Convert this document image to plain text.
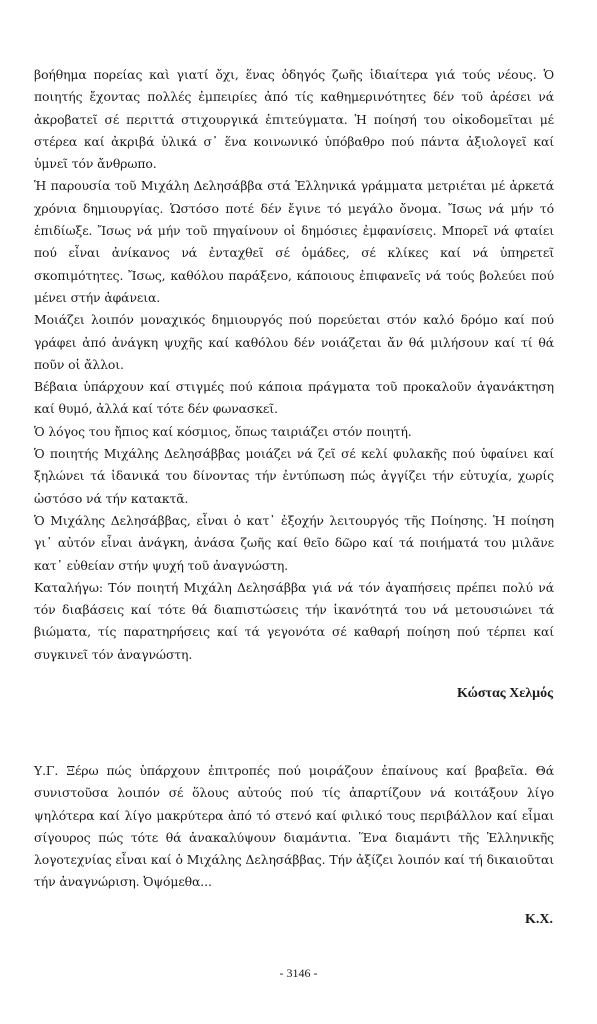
βοήθημα πορείας καὶ γιατί ὄχι, ἕνας ὁδηγός ζωῆς ἰδιαίτερα γιά τούς νέους. Ὁ ποιητής ἔχοντας πολλές ἐμπειρίες ἀπό τίς καθημερινότητες δέν τοῦ ἀρέσει νά ἀκροβατεῖ σέ περιττά στιχουργικά ἐπιτεύγματα. Ἡ ποίησή του οἰκοδομεῖται μέ στέρεα καί ἀκριβά ὑλικά σ᾽ ἕνα κοινωνικό ὑπόβαθρο πού πάντα ἀξιολογεῖ καί ὑμνεῖ τόν ἄνθρωπο.

Ἡ παρουσία τοῦ Μιχάλη Δελησάββα στά Ἑλληνικά γράμματα μετριέται μέ ἀρκετά χρόνια δημιουργίας. Ὡστόσο ποτέ δέν ἔγινε τό μεγάλο ὄνομα. Ἴσως νά μήν τό ἐπιδίωξε. Ἴσως νά μήν τοῦ πηγαίνουν οἱ δημόσιες ἐμφανίσεις. Μπορεῖ νά φταίει πού εἶναι ἀνίκανος νά ἐνταχθεῖ σέ ὁμάδες, σέ κλίκες καί νά ὑπηρετεῖ σκοπιμότητες. Ἴσως, καθόλου παράξενο, κάποιους ἐπιφανεῖς νά τούς βολεύει πού μένει στήν ἀφάνεια.

Μοιάζει λοιπόν μοναχικός δημιουργός πού πορεύεται στόν καλό δρόμο καί πού γράφει ἀπό ἀνάγκη ψυχῆς καί καθόλου δέν νοιάζεται ἄν θά μιλήσουν καί τί θά ποῦν οἱ ἄλλοι.

Βέβαια ὑπάρχουν καί στιγμές πού κάποια πράγματα τοῦ προκαλοῦν ἀγανάκτηση καί θυμό, ἀλλά καί τότε δέν φωνασκεῖ.

Ὁ λόγος του ἤπιος καί κόσμιος, ὅπως ταιριάζει στόν ποιητή.

Ὁ ποιητής Μιχάλης Δελησάββας μοιάζει νά ζεῖ σέ κελί φυλακῆς πού ὑφαίνει καί ξηλώνει τά ἰδανικά του δίνοντας τήν ἐντύπωση πώς ἀγγίζει τήν εὐτυχία, χωρίς ὡστόσο νά τήν κατακτᾶ.

Ὁ Μιχάλης Δελησάββας, εἶναι ὁ κατ᾽ ἐξοχήν λειτουργός τῆς Ποίησης. Ἡ ποίηση γι᾽ αὐτόν εἶναι ἀνάγκη, ἀνάσα ζωῆς καί θεῖο δῶρο καί τά ποιήματά του μιλᾶνε κατ᾽ εὐθείαν στήν ψυχή τοῦ ἀναγνώστη.

Καταλήγω: Τόν ποιητή Μιχάλη Δελησάββα γιά νά τόν ἀγαπήσεις πρέπει πολύ νά τόν διαβάσεις καί τότε θά διαπιστώσεις τήν ἱκανότητά του νά μετουσιώνει τά βιώματα, τίς παρατηρήσεις καί τά γεγονότα σέ καθαρή ποίηση πού τέρπει καί συγκινεῖ τόν ἀναγνώστη.

Κώστας Χελμός

Υ.Γ. Ξέρω πώς ὑπάρχουν ἐπιτροπές πού μοιράζουν ἐπαίνους καί βραβεῖα. Θά συνιστοῦσα λοιπόν σέ ὅλους αὐτούς πού τίς ἀπαρτίζουν νά κοιτάξουν λίγο ψηλότερα καί λίγο μακρύτερα ἀπό τό στενό καί φιλικό τους περιβάλλον καί εἶμαι σίγουρος πώς τότε θά ἀνακαλύψουν διαμάντια. Ἕνα διαμάντι τῆς Ἑλληνικῆς λογοτεχνίας εἶναι καί ὁ Μιχάλης Δελησάββας. Τήν ἀξίζει λοιπόν καί τή δικαιοῦται τήν ἀναγνώριση. Ὀψόμεθα...

Κ.Χ.
- 3146 -
